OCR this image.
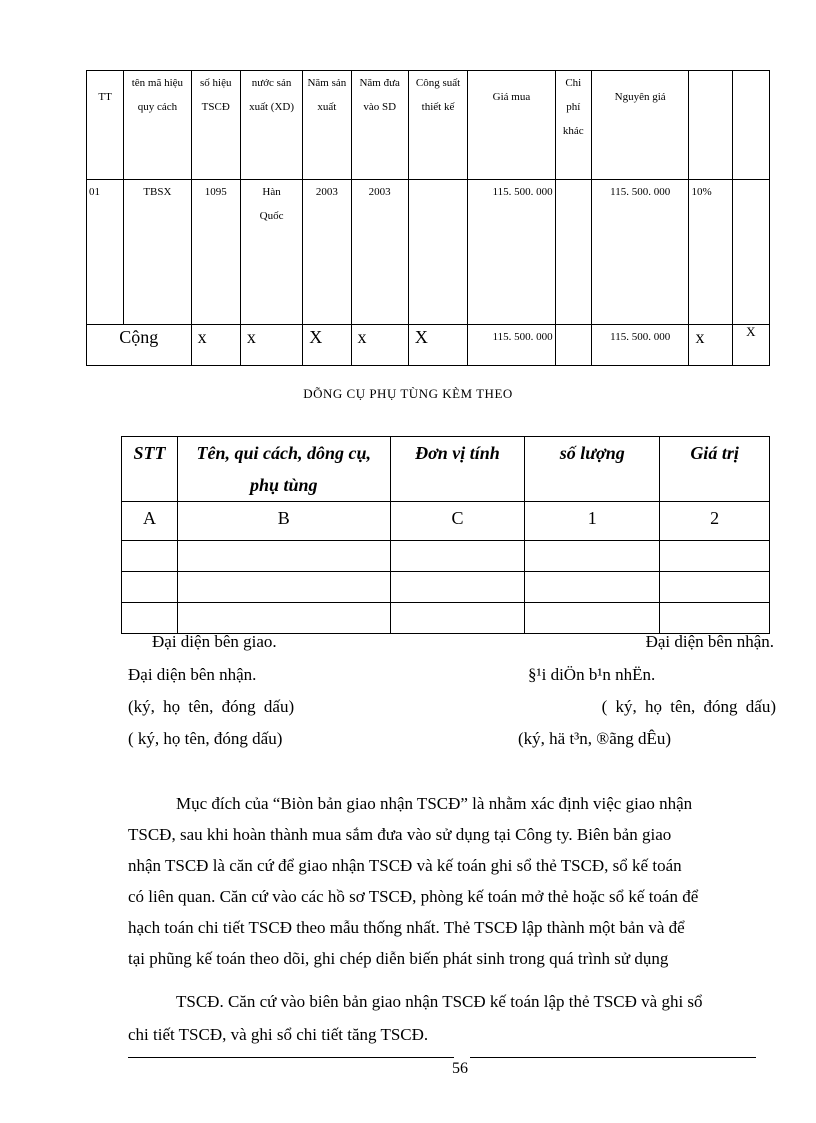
TT	tên mã hiệu quy cách	số hiệu TSCĐ	nước sản xuất (XD)	Năm sản xuất	Năm đưa vào SD	Công suất thiết kế	Giá mua	Chi phí khác	Nguyên giá		
01	TBSX	1095	Hàn Quốc	2003	2003		115. 500. 000		115. 500. 000	10%	
Cộng		x	x	X	x	X	115. 500. 000		115. 500. 000	x	X
DÕNG CỤ PHỤ TÙNG KÈM THEO
STT	Tên, qui cách, dông cụ, phụ tùng	Đơn vị tính	số lượng	Giá trị
A	B	C	1	2

Đại diện bên giao.	Đại diện bên nhận.
Đại diện bên nhận.	§¹i diÖn b¹n nhËn.
(ký, họ tên, đóng dấu)	( ký, họ tên, đóng dấu)
( ký, họ tên, đóng dấu)	(ký, hä t³n, ®ãng dÊu)
Mục đích của “Biòn bản giao nhận TSCĐ” là nhằm xác định việc giao nhận
TSCĐ, sau khi hoàn thành mua sắm đưa vào sử dụng tại Công ty. Biên bản giao
nhận TSCĐ là căn cứ để giao nhận TSCĐ và kế toán ghi sổ thẻ TSCĐ, sổ kế toán
có liên quan. Căn cứ vào các hồ sơ TSCĐ, phòng kế toán mở thẻ hoặc sổ kế toán để
hạch toán chi tiết TSCĐ theo mẫu thống nhất. Thẻ TSCĐ lập thành một bản và để
tại phũng kế toán theo dõi, ghi chép diễn biến phát sinh trong quá trình sử dụng
TSCĐ. Căn cứ vào biên bản giao nhận TSCĐ kế toán lập thẻ TSCĐ và ghi sổ
chi tiết TSCĐ, và ghi sổ chi tiết tăng TSCĐ.
56
